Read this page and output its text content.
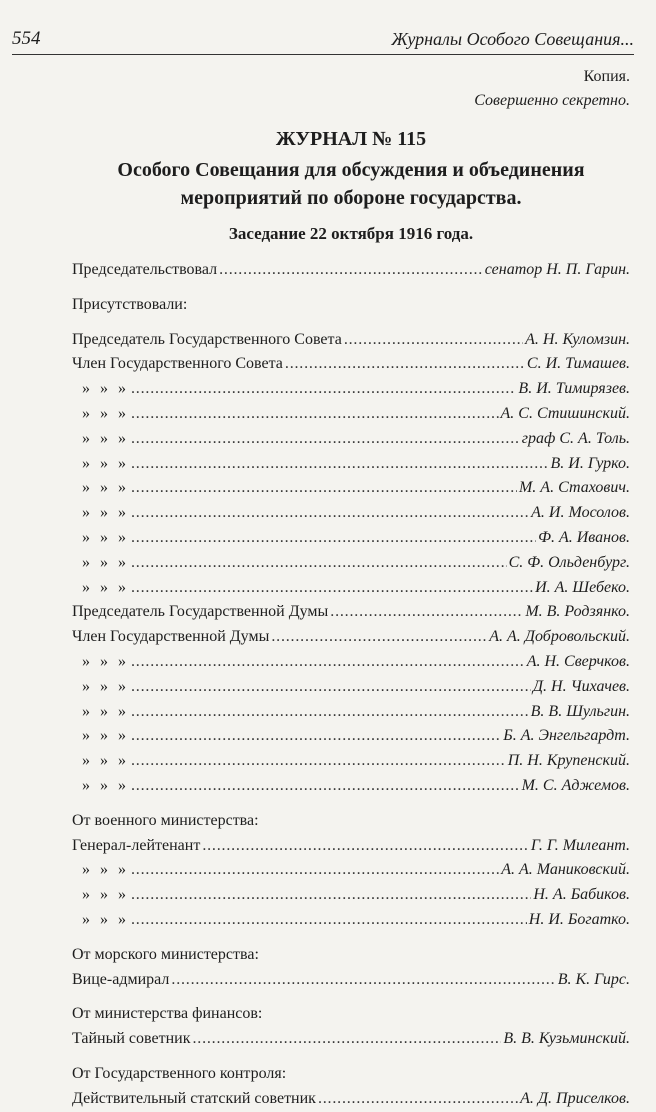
554	Журналы Особого Совещания...
Копия.
Совершенно секретно.
ЖУРНАЛ № 115
Особого Совещания для обсуждения и объединения
мероприятий по обороне государства.
Заседание 22 октября 1916 года.
Председательствовал . . .	сенатор Н. П. Гарин.
Присутствовали:
Председатель Государственного Совета . . .	А. Н. Куломзин.
Член Государственного Совета . . .	С. И. Тимашев.
» » » . . .	В. И. Тимирязев.
» » » . . .	А. С. Стишинский.
» » » . . .	граф С. А. Толь.
» » » . . .	В. И. Гурко.
» » » . . .	М. А. Стахович.
» » » . . .	А. И. Мосолов.
» » » . . .	Ф. А. Иванов.
» » » . . .	С. Ф. Ольденбург.
» » » . . .	И. А. Шебеко.
Председатель Государственной Думы . . .	М. В. Родзянко.
Член Государственной Думы . . .	А. А. Добровольский.
» » » . . .	А. Н. Сверчков.
» » » . . .	Д. Н. Чихачев.
» » » . . .	В. В. Шульгин.
» » » . . .	Б. А. Энгельгардт.
» » » . . .	П. Н. Крупенский.
» » » . . .	М. С. Аджемов.
От военного министерства:
Генерал-лейтенант . . .	Г. Г. Милеант.
» » » . . .	А. А. Маниковский.
» » » . . .	Н. А. Бабиков.
» » » . . .	Н. И. Богатко.
От морского министерства:
Вице-адмирал . . .	В. К. Гирс.
От министерства финансов:
Тайный советник . . .	В. В. Кузьминский.
От Государственного контроля:
Действительный статский советник . . .	А. Д. Приселков.
